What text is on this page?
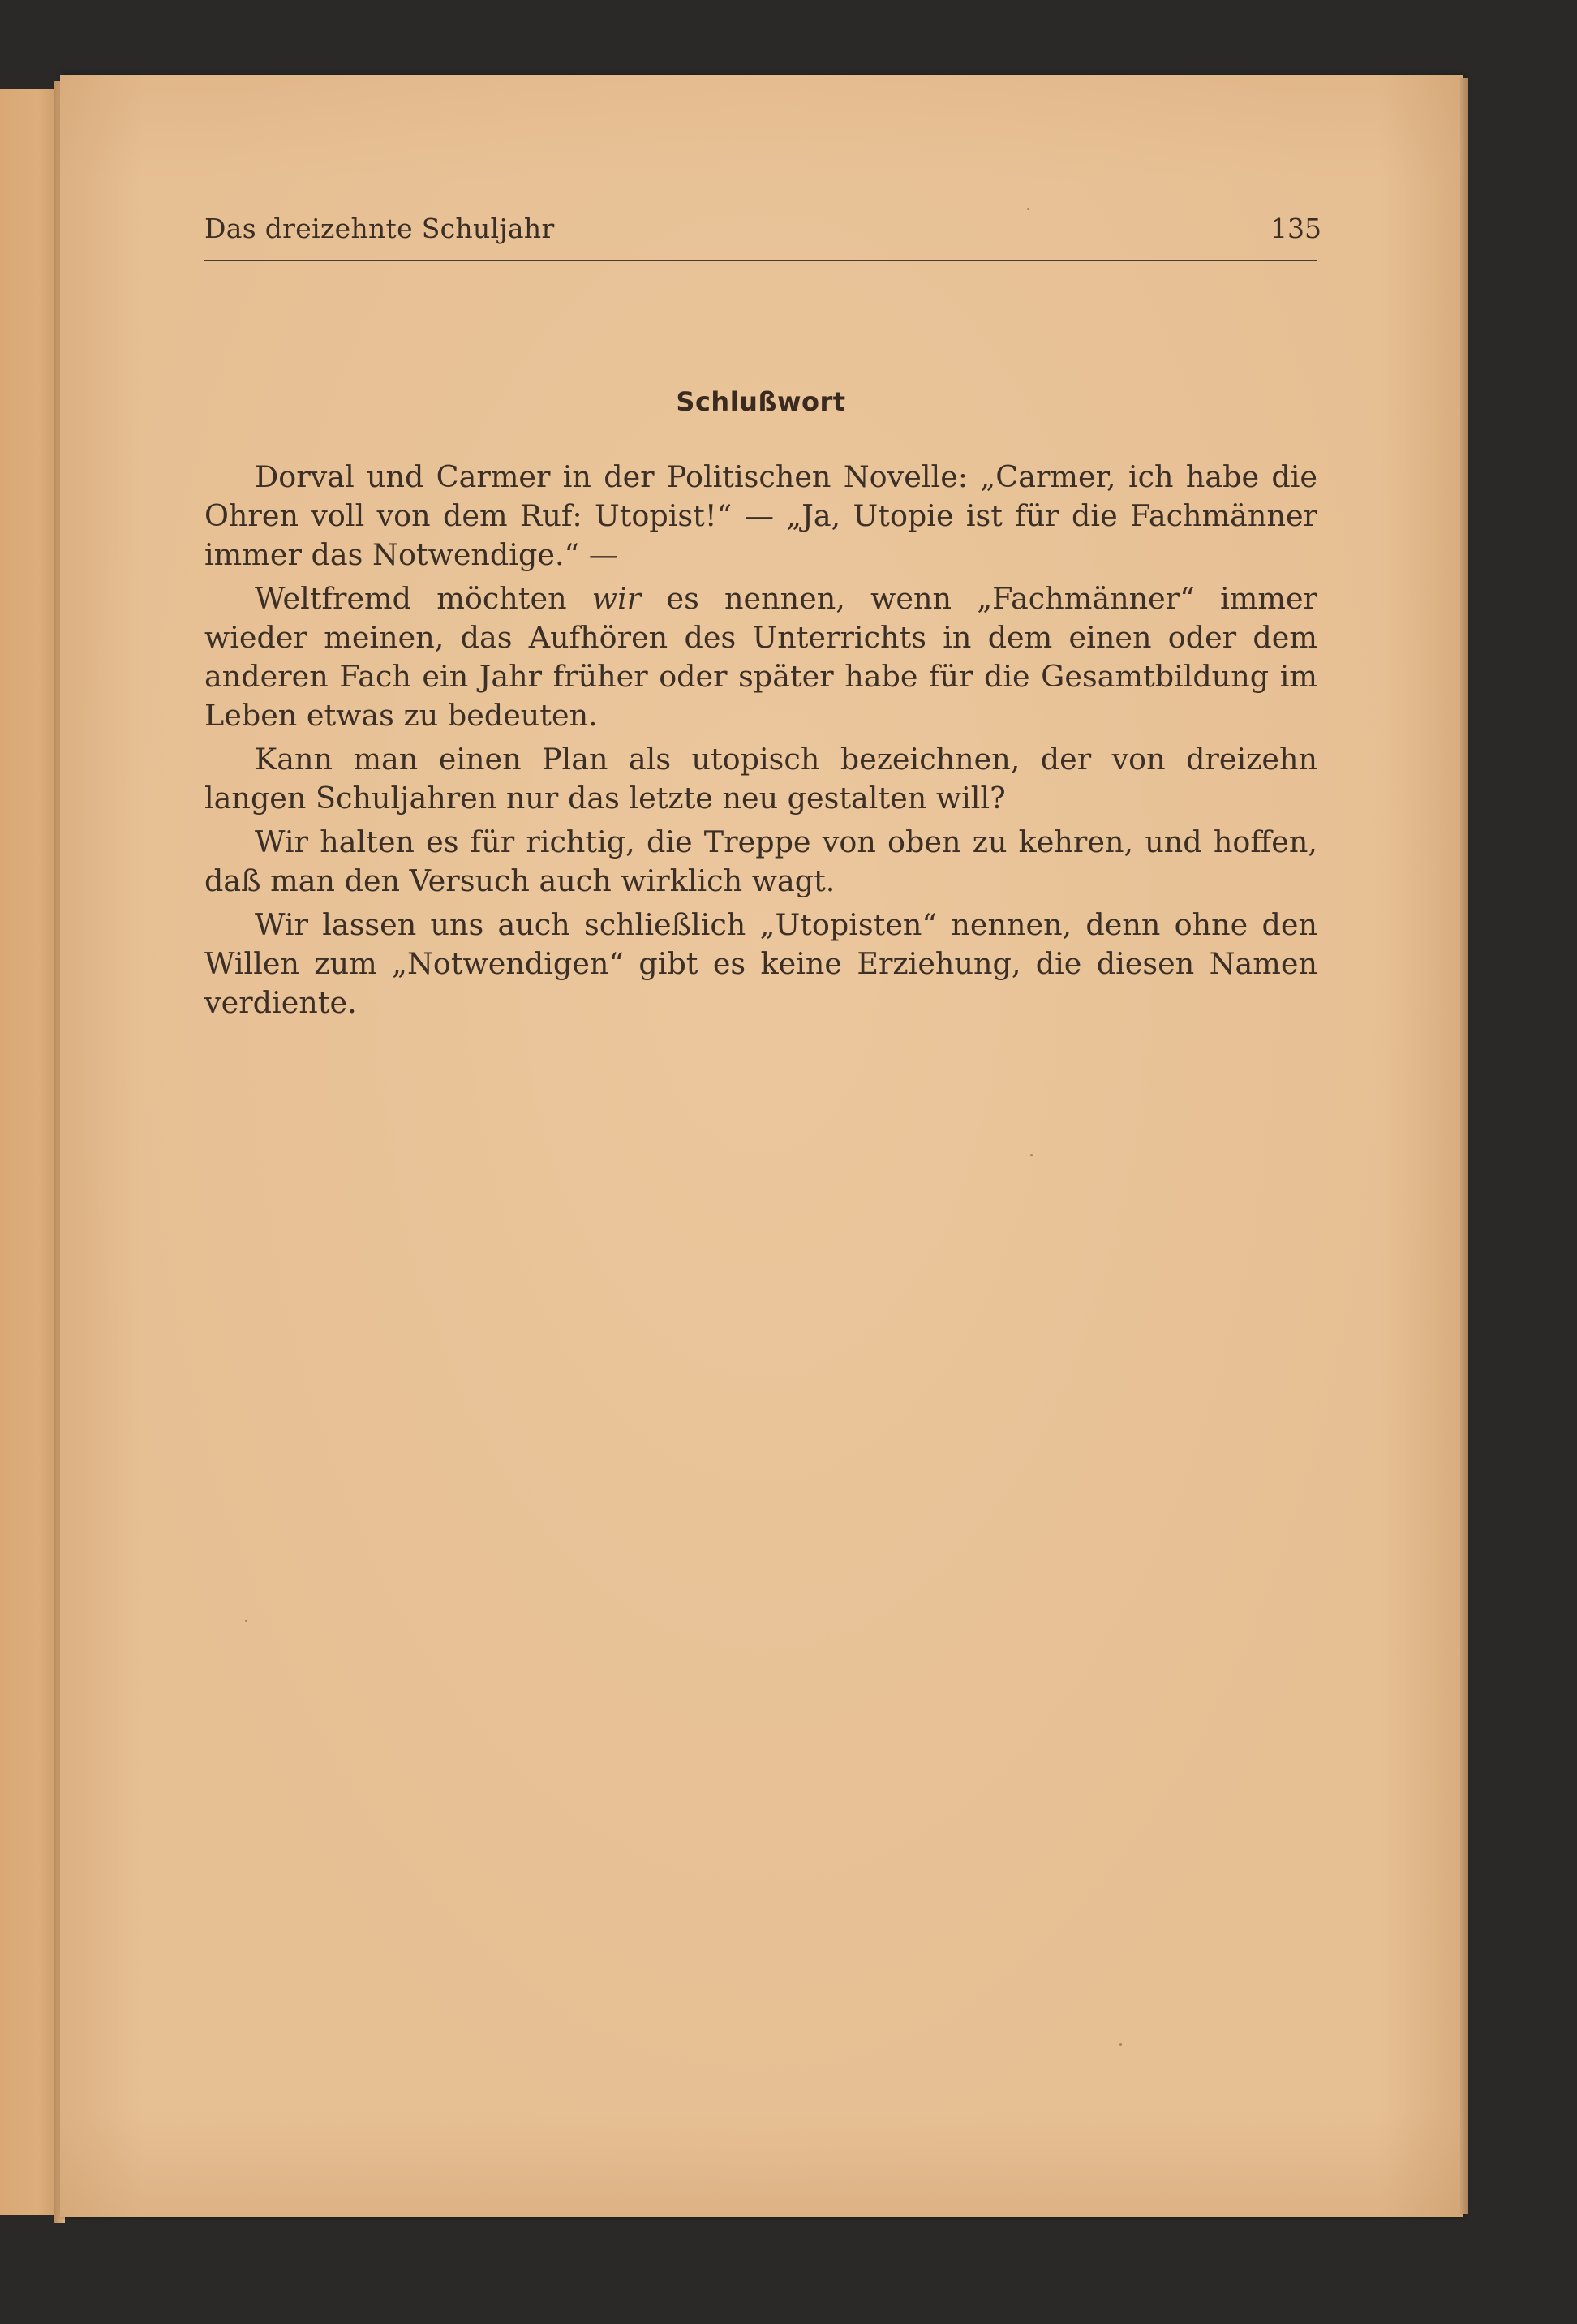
Das dreizehnte Schuljahr	135
Schlußwort

Dorval und Carmer in der Politischen Novelle: „Carmer, ich habe die Ohren voll von dem Ruf: Utopist!“ — „Ja, Utopie ist für die Fachmänner immer das Notwendige.“ —

Weltfremd möchten wir es nennen, wenn „Fachmänner“ immer wieder meinen, das Aufhören des Unterrichts in dem einen oder dem anderen Fach ein Jahr früher oder später habe für die Gesamtbildung im Leben etwas zu bedeuten.

Kann man einen Plan als utopisch bezeichnen, der von dreizehn langen Schuljahren nur das letzte neu gestalten will?

Wir halten es für richtig, die Treppe von oben zu kehren, und hoffen, daß man den Versuch auch wirklich wagt.

Wir lassen uns auch schließlich „Utopisten“ nennen, denn ohne den Willen zum „Notwendigen“ gibt es keine Erziehung, die diesen Namen verdiente.
